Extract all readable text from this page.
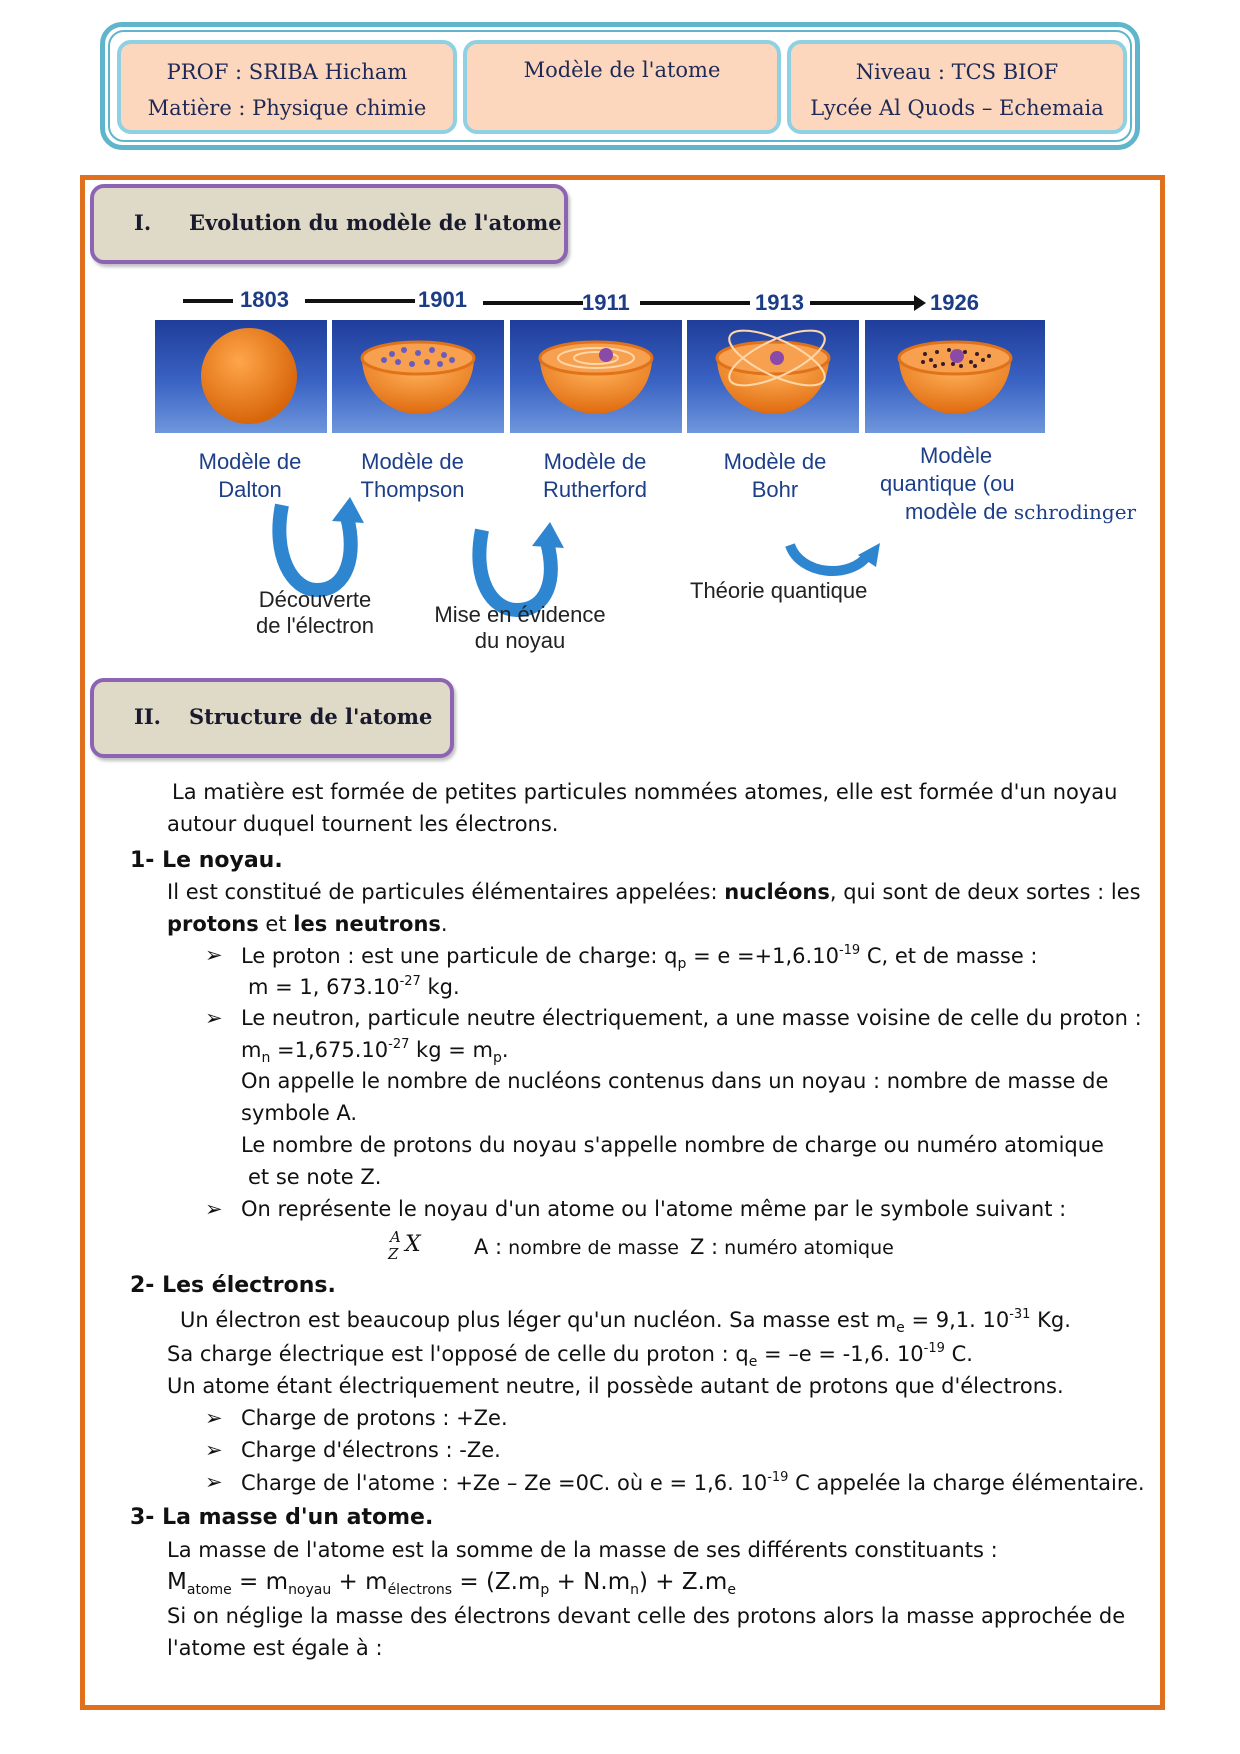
PROF : SRIBA Hicham
Matière : Physique chimie
Modèle de l'atome	Niveau : TCS BIOF
Lycée Al Quods – Echemaia
I. Evolution du modèle de l'atome
1803	1901	1911	1913	1926
Modèle de
Dalton
Modèle de
Thompson
Modèle de
Rutherford
Modèle de
Bohr
Modèle
quantique (ou
modèle de schrodinger
Découverte
de l'électron	Mise en évidence
du noyau
Théorie quantique
II. Structure de l'atome
La matière est formée de petites particules nommées atomes, elle est formée d'un noyau
autour duquel tournent les électrons.
1- Le noyau.
Il est constitué de particules élémentaires appelées: nucléons, qui sont de deux sortes : les
protons et les neutrons.
➢ Le proton : est une particule de charge: $q_p = e =+1,6.10^{-19}$ C, et de masse :
m = 1, $673.10^{-27}$ kg.
➢ Le neutron, particule neutre électriquement, a une masse voisine de celle du proton :
$m_n =1,675.10^{-27}$ kg = $m_p$.
On appelle le nombre de nucléons contenus dans un noyau : nombre de masse de
symbole A.
Le nombre de protons du noyau s'appelle nombre de charge ou numéro atomique
et se note Z.
➢ On représente le noyau d'un atome ou l'atome même par le symbole suivant :
A
Z X	A : nombre de masse Z : numéro atomique
2- Les électrons.
Un électron est beaucoup plus léger qu'un nucléon. Sa masse est $m_e = 9,1$. $10^{-31}$ Kg.
Sa charge électrique est l'opposé de celle du proton : $q_e = -e = -1,6$. $10^{-19}$ C.
Un atome étant électriquement neutre, il possède autant de protons que d'électrons.
➢ Charge de protons : +Ze.
➢ Charge d'électrons : -Ze.
➢ Charge de l'atome : +Ze – Ze =0C. où e = 1,6. $10^{-19}$ C appelée la charge élémentaire.
3- La masse d'un atome.
La masse de l'atome est la somme de la masse de ses différents constituants :
$M_{atome} = m_{noyau} + m_{électrons} = (Z.m_p + N.m_n) + Z.m_e$
Si on néglige la masse des électrons devant celle des protons alors la masse approchée de
l'atome est égale à :
